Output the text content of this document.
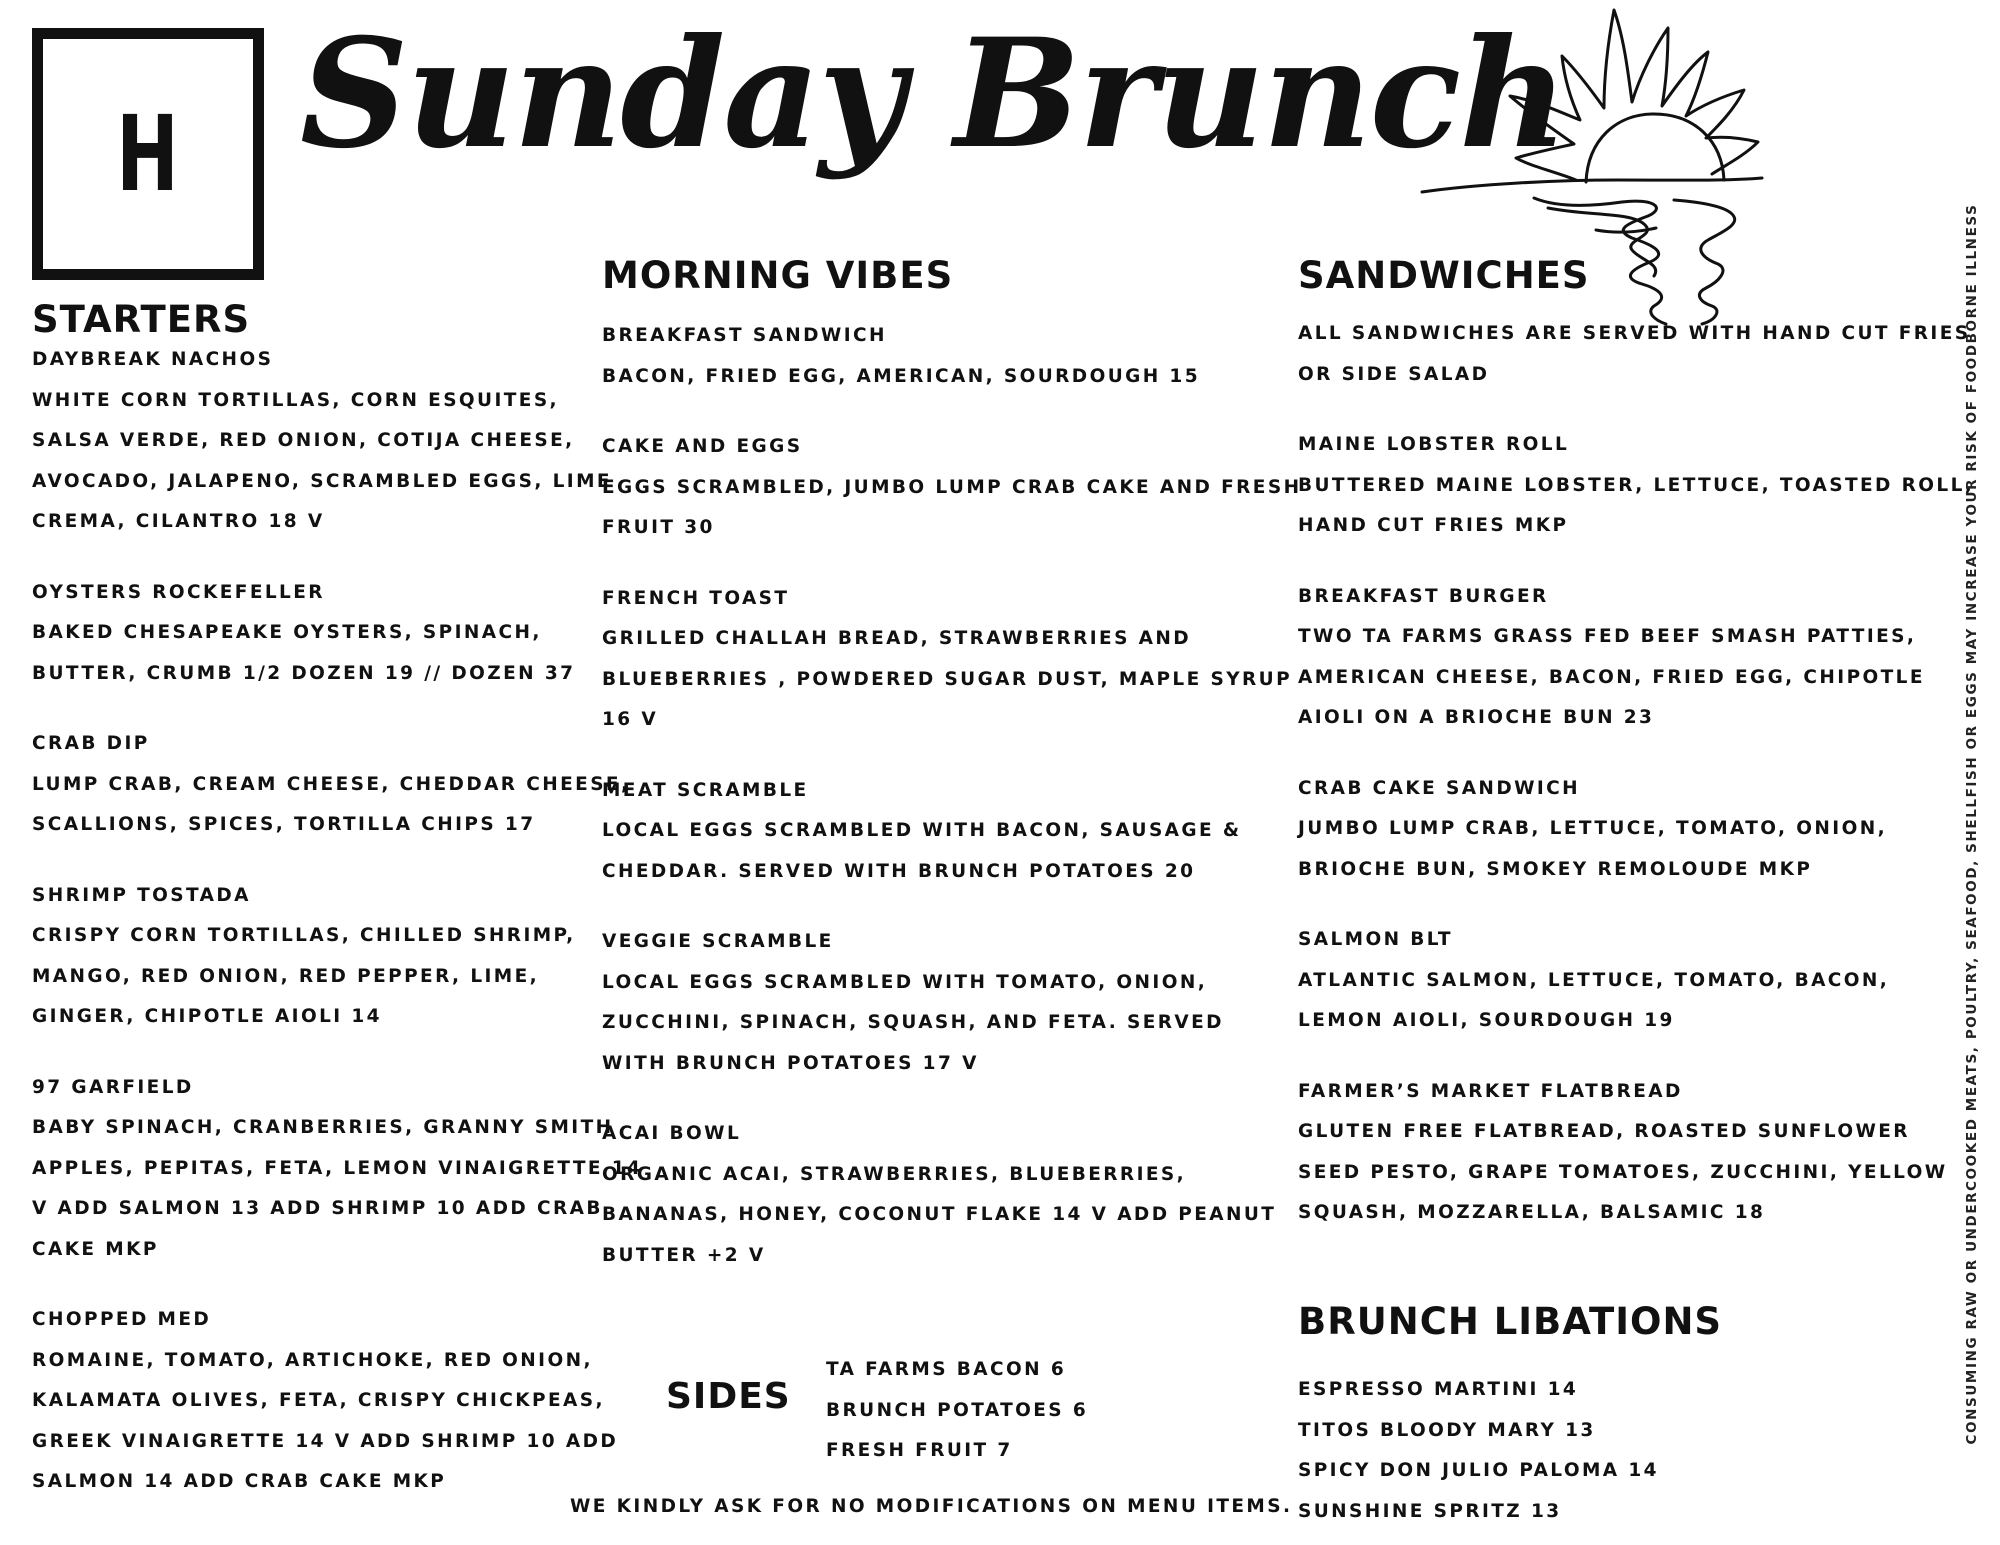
H Sunday Brunch
STARTERS
DAYBREAK NACHOS
WHITE CORN TORTILLAS, CORN ESQUITES,
SALSA VERDE, RED ONION, COTIJA CHEESE,
AVOCADO, JALAPENO, SCRAMBLED EGGS, LIME
CREMA, CILANTRO 18 V
OYSTERS ROCKEFELLER
BAKED CHESAPEAKE OYSTERS, SPINACH,
BUTTER, CRUMB 1/2 DOZEN 19 // DOZEN 37
CRAB DIP
LUMP CRAB, CREAM CHEESE, CHEDDAR CHEESE,
SCALLIONS, SPICES, TORTILLA CHIPS 17
SHRIMP TOSTADA
CRISPY CORN TORTILLAS, CHILLED SHRIMP,
MANGO, RED ONION, RED PEPPER, LIME,
GINGER, CHIPOTLE AIOLI 14
97 GARFIELD
BABY SPINACH, CRANBERRIES, GRANNY SMITH
APPLES, PEPITAS, FETA, LEMON VINAIGRETTE 14
V ADD SALMON 13 ADD SHRIMP 10 ADD CRAB
CAKE MKP
CHOPPED MED
ROMAINE, TOMATO, ARTICHOKE, RED ONION,
KALAMATA OLIVES, FETA, CRISPY CHICKPEAS,
GREEK VINAIGRETTE 14 V ADD SHRIMP 10 ADD
SALMON 14 ADD CRAB CAKE MKP
MORNING VIBES
BREAKFAST SANDWICH
BACON, FRIED EGG, AMERICAN, SOURDOUGH 15
CAKE AND EGGS
EGGS SCRAMBLED, JUMBO LUMP CRAB CAKE AND FRESH
FRUIT 30
FRENCH TOAST
GRILLED CHALLAH BREAD, STRAWBERRIES AND
BLUEBERRIES , POWDERED SUGAR DUST, MAPLE SYRUP
16 V
MEAT SCRAMBLE
LOCAL EGGS SCRAMBLED WITH BACON, SAUSAGE &
CHEDDAR. SERVED WITH BRUNCH POTATOES 20
VEGGIE SCRAMBLE
LOCAL EGGS SCRAMBLED WITH TOMATO, ONION,
ZUCCHINI, SPINACH, SQUASH, AND FETA. SERVED
WITH BRUNCH POTATOES 17 V
ACAI BOWL
ORGANIC ACAI, STRAWBERRIES, BLUEBERRIES,
BANANAS, HONEY, COCONUT FLAKE 14 V ADD PEANUT
BUTTER +2 V
SIDES
TA FARMS BACON 6
BRUNCH POTATOES 6
FRESH FRUIT 7
WE KINDLY ASK FOR NO MODIFICATIONS ON MENU ITEMS.
SANDWICHES
ALL SANDWICHES ARE SERVED WITH HAND CUT FRIES
OR SIDE SALAD
MAINE LOBSTER ROLL
BUTTERED MAINE LOBSTER, LETTUCE, TOASTED ROLL,
HAND CUT FRIES MKP
BREAKFAST BURGER
TWO TA FARMS GRASS FED BEEF SMASH PATTIES,
AMERICAN CHEESE, BACON, FRIED EGG, CHIPOTLE
AIOLI ON A BRIOCHE BUN 23
CRAB CAKE SANDWICH
JUMBO LUMP CRAB, LETTUCE, TOMATO, ONION,
BRIOCHE BUN, SMOKEY REMOLOUDE MKP
SALMON BLT
ATLANTIC SALMON, LETTUCE, TOMATO, BACON,
LEMON AIOLI, SOURDOUGH 19
FARMER’S MARKET FLATBREAD
GLUTEN FREE FLATBREAD, ROASTED SUNFLOWER
SEED PESTO, GRAPE TOMATOES, ZUCCHINI, YELLOW
SQUASH, MOZZARELLA, BALSAMIC 18
BRUNCH LIBATIONS
ESPRESSO MARTINI 14
TITOS BLOODY MARY 13
SPICY DON JULIO PALOMA 14
SUNSHINE SPRITZ 13
CONSUMING RAW OR UNDERCOOKED MEATS, POULTRY, SEAFOOD, SHELLFISH OR EGGS MAY INCREASE YOUR RISK OF FOODBORNE ILLNESS
